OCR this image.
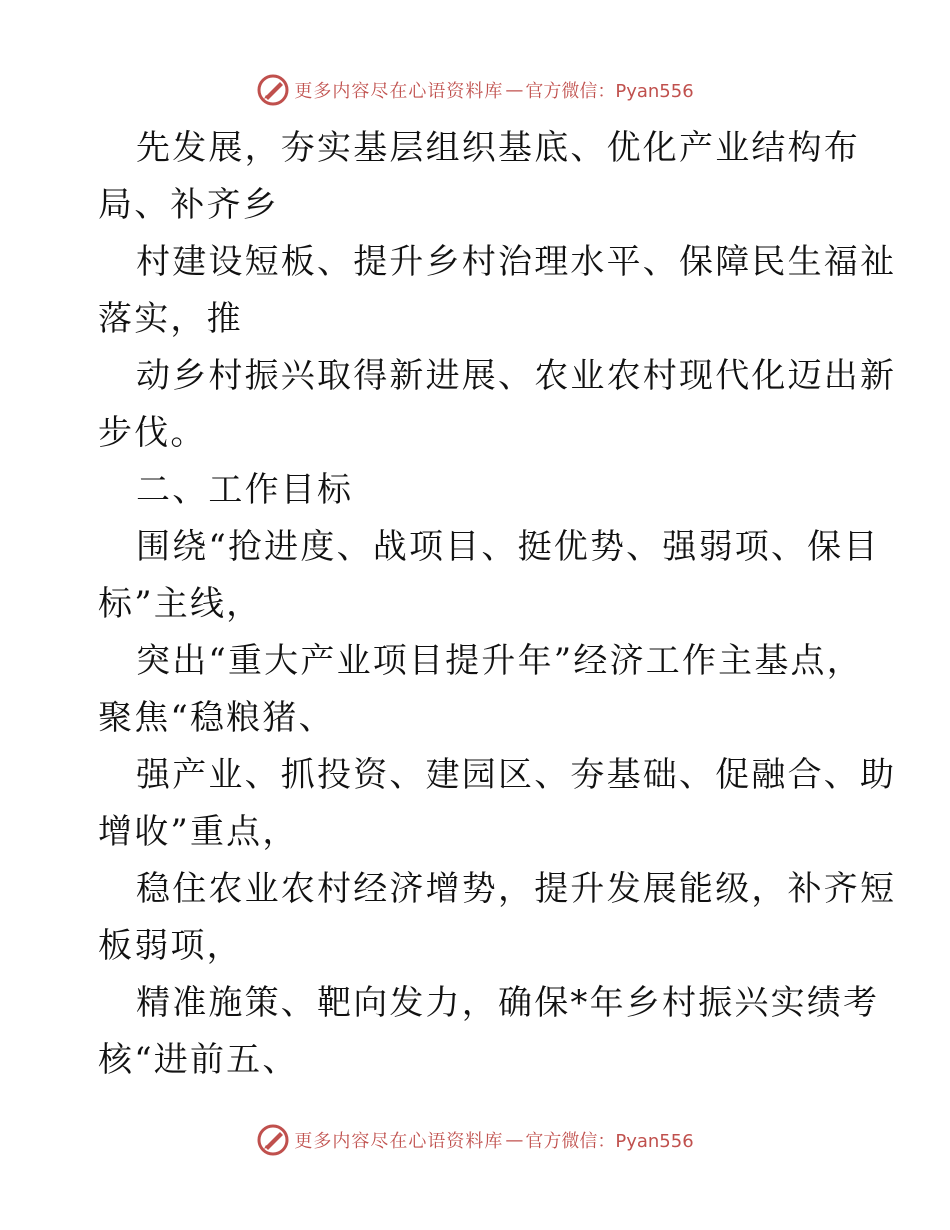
更多内容尽在心语资料库 — 官方微信：Pyan556
先发展，夯实基层组织基底、优化产业结构布
局、补齐乡
村建设短板、提升乡村治理水平、保障民生福祉
落实，推
动乡村振兴取得新进展、农业农村现代化迈出新
步伐。
二、工作目标
围绕“抢进度、战项目、挺优势、强弱项、保目
标”主线，
突出“重大产业项目提升年”经济工作主基点，
聚焦“稳粮猪、
强产业、抓投资、建园区、夯基础、促融合、助
增收”重点，
稳住农业农村经济增势，提升发展能级，补齐短
板弱项，
精准施策、靶向发力，确保*年乡村振兴实绩考
核“进前五、
更多内容尽在心语资料库 — 官方微信：Pyan556
